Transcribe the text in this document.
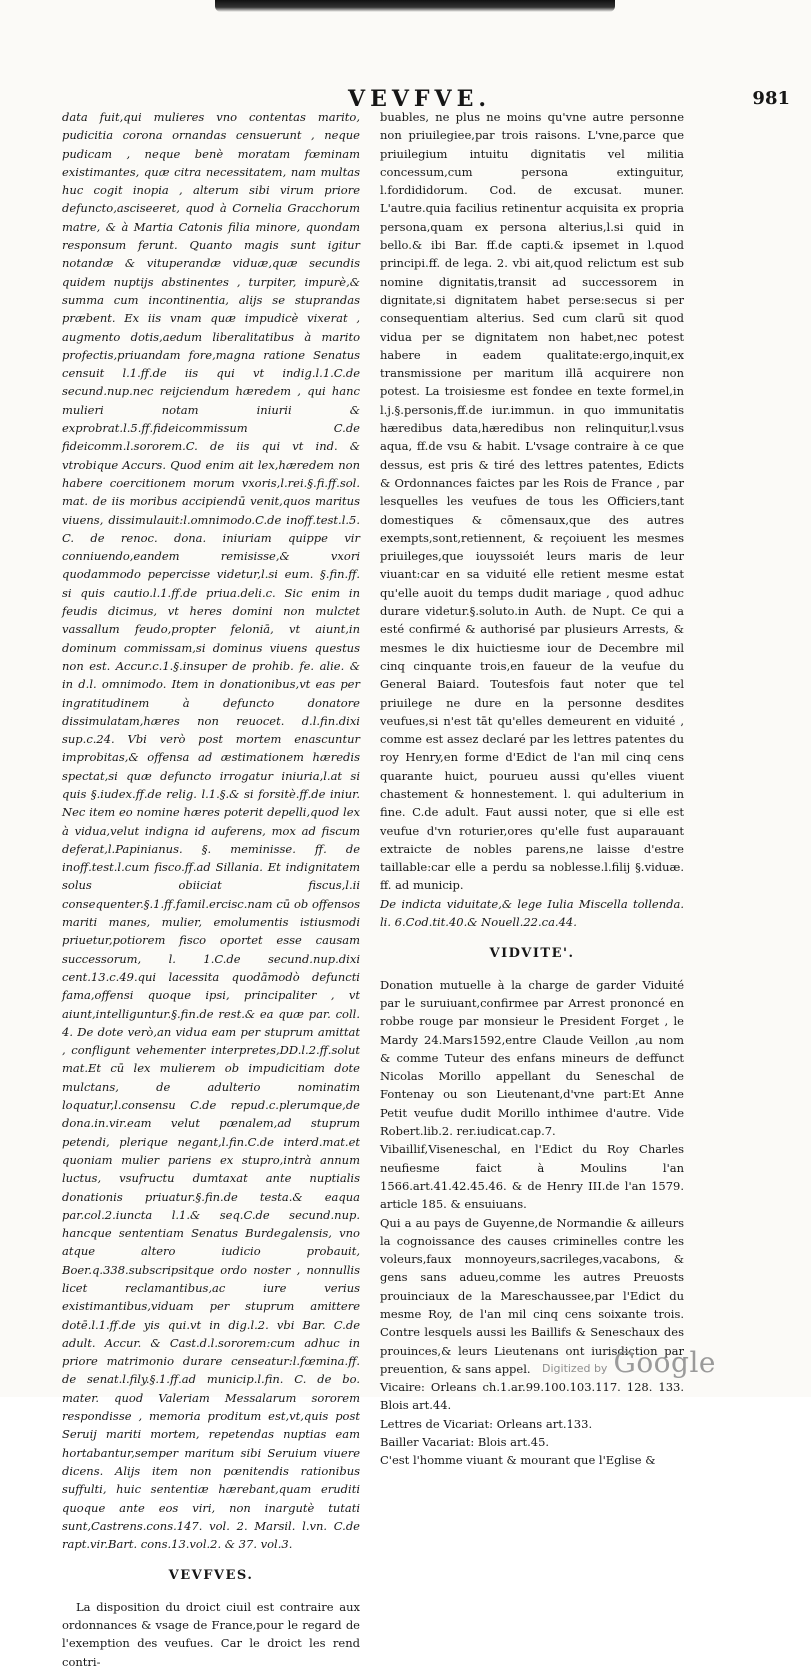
VEVFVE.	981

data fuit,qui mulieres vno contentas marito, pudicitia corona ornandas censuerunt , neque pudicam , neque benè moratam fœminam existimantes, quæ citra necessitatem, nam multas huc cogit inopia , alterum sibi virum priore defuncto,asciseeret, quod à Cornelia Gracchorum matre, & à Martia Catonis filia minore, quondam responsum ferunt. Quanto magis sunt igitur notandæ & vituperandæ viduæ,quæ secundis quidem nuptijs abstinentes , turpiter, impurè,& summa cum incontinentia, alijs se stuprandas præbent. Ex iis vnam quæ impudicè vixerat , augmento dotis,aedum liberalitatibus à marito profectis,priuandam fore,magna ratione Senatus censuit l.1.ff.de iis qui vt indig.l.1.C.de secund.nup.nec reijciendum hæredem , qui hanc mulieri notam iniurii & exprobrat.l.5.ff.fideicommissum C.de fideicomm.l.sororem.C. de iis qui vt ind. & vtrobique Accurs. Quod enim ait lex,hæredem non habere coercitionem morum vxoris,l.rei.§.fi.ff.sol. mat. de iis moribus accipiendū venit,quos maritus viuens, dissimulauit:l.omnimodo.C.de inoff.test.l.5. C. de renoc. dona. iniuriam quippe vir conniuendo,eandem remisisse,& vxori quodammodo pepercisse videtur,l.si eum. §.fin.ff. si quis cautio.l.1.ff.de priua.deli.c. Sic enim in feudis dicimus, vt heres domini non mulctet vassallum feudo,propter feloniā, vt aiunt,in dominum commissam,si dominus viuens questus non est. Accur.c.1.§.insuper de prohib. fe. alie. & in d.l. omnimodo. Item in donationibus,vt eas per ingratitudinem à defuncto donatore dissimulatam,hæres non reuocet. d.l.fin.dixi sup.c.24. Vbi verò post mortem enascuntur improbitas,& offensa ad æstimationem hæredis spectat,si quæ defuncto irrogatur iniuria,l.at si quis §.iudex.ff.de relig. l.1.§.& si forsitè.ff.de iniur. Nec item eo nomine hæres poterit depelli,quod lex à vidua,velut indigna id auferens, mox ad fiscum deferat,l.Papinianus. §. meminisse. ff. de inoff.test.l.cum fisco.ff.ad Sillania. Et indignitatem solus obiiciat fiscus,l.ii consequenter.§.1.ff.famil.ercisc.nam cū ob offensos mariti manes, mulier, emolumentis istiusmodi priuetur,potiorem fisco oportet esse causam successorum, l. 1.C.de secund.nup.dixi cent.13.c.49.qui lacessita quodāmodò defuncti fama,offensi quoque ipsi, principaliter , vt aiunt,intelliguntur.§.fin.de rest.& ea quæ par. coll. 4. De dote verò,an vidua eam per stuprum amittat , confligunt vehementer interpretes,DD.l.2.ff.solut mat.Et cū lex mulierem ob impudicitiam dote mulctans, de adulterio nominatim loquatur,l.consensu C.de repud.c.plerumque,de dona.in.vir.eam velut pœnalem,ad stuprum petendi, plerique negant,l.fin.C.de interd.mat.et quoniam mulier pariens ex stupro,intrà annum luctus, vsufructu dumtaxat ante nuptialis donationis priuatur.§.fin.de testa.& eaqua par.col.2.iuncta l.1.& seq.C.de secund.nup. hancque sententiam Senatus Burdegalensis, vno atque altero iudicio probauit, Boer.q.338.subscripsitque ordo noster , nonnullis licet reclamantibus,ac iure verius existimantibus,viduam per stuprum amittere dotē.l.1.ff.de yis qui.vt in dig.l.2. vbi Bar. C.de adult. Accur. & Cast.d.l.sororem:cum adhuc in priore matrimonio durare censeatur:l.fœmina.ff. de senat.l.fily.§.1.ff.ad municip.l.fin. C. de bo. mater. quod Valeriam Messalarum sororem respondisse , memoria proditum est,vt,quis post Seruij mariti mortem, repetendas nuptias eam hortabantur,semper maritum sibi Seruium viuere dicens. Alijs item non pœnitendis rationibus suffulti, huic sententiæ hærebant,quam eruditi quoque ante eos viri, non inargutè tutati sunt,Castrens.cons.147. vol. 2. Marsil. l.vn. C.de rapt.vir.Bart. cons.13.vol.2. & 37. vol.3.

VEVFVES.

La disposition du droict ciuil est contraire aux ordonnances & vsage de France,pour le regard de l'exemption des veufues. Car le droict les rend contri-

buables, ne plus ne moins qu'vne autre personne non priuilegiee,par trois raisons. L'vne,parce que priuilegium intuitu dignitatis vel militia concessum,cum persona extinguitur, l.fordididorum. Cod. de excusat. muner. L'autre.quia facilius retinentur acquisita ex propria persona,quam ex persona alterius,l.si quid in bello.& ibi Bar. ff.de capti.& ipsemet in l.quod principi.ff. de lega. 2. vbi ait,quod relictum est sub nomine dignitatis,transit ad successorem in dignitate,si dignitatem habet perse:secus si per consequentiam alterius. Sed cum clarū sit quod vidua per se dignitatem non habet,nec potest habere in eadem qualitate:ergo,inquit,ex transmissione per maritum illā acquirere non potest. La troisiesme est fondee en texte formel,in l.j.§.personis,ff.de iur.immun. in quo immunitatis hæredibus data,hæredibus non relinquitur,l.vsus aqua, ff.de vsu & habit. L'vsage contraire à ce que dessus, est pris & tiré des lettres patentes, Edicts & Ordonnances faictes par les Rois de France , par lesquelles les veufues de tous les Officiers,tant domestiques & cōmensaux,que des autres exempts,sont,retiennent, & reçoiuent les mesmes priuileges,que iouyssoiét leurs maris de leur viuant:car en sa viduité elle retient mesme estat qu'elle auoit du temps dudit mariage , quod adhuc durare videtur.§.soluto.in Auth. de Nupt. Ce qui a esté confirmé & authorisé par plusieurs Arrests, & mesmes le dix huictiesme iour de Decembre mil cinq cinquante trois,en faueur de la veufue du General Baiard. Toutesfois faut noter que tel priuilege ne dure en la personne desdites veufues,si n'est tāt qu'elles demeurent en viduité , comme est assez declaré par les lettres patentes du roy Henry,en forme d'Edict de l'an mil cinq cens quarante huict, pourueu aussi qu'elles viuent chastement & honnestement. l. qui adulterium in fine. C.de adult. Faut aussi noter, que si elle est veufue d'vn roturier,ores qu'elle fust auparauant extraicte de nobles parens,ne laisse d'estre taillable:car elle a perdu sa noblesse.l.filij §.viduæ. ff. ad municip.

De indicta viduitate,& lege Iulia Miscella tollenda. li. 6.Cod.tit.40.& Nouell.22.ca.44.

VIDVITE'.

Donation mutuelle à la charge de garder Viduité par le suruiuant,confirmee par Arrest prononcé en robbe rouge par monsieur le President Forget , le Mardy 24.Mars1592,entre Claude Veillon ,au nom & comme Tuteur des enfans mineurs de deffunct Nicolas Morillo appellant du Seneschal de Fontenay ou son Lieutenant,d'vne part:Et Anne Petit veufue dudit Morillo inthimee d'autre. Vide Robert.lib.2. rer.iudicat.cap.7.

Vibaillif,Viseneschal, en l'Edict du Roy Charles neufiesme faict à Moulins l'an 1566.art.41.42.45.46. & de Henry III.de l'an 1579. article 185. & ensuiuans.

Qui a au pays de Guyenne,de Normandie & ailleurs la cognoissance des causes criminelles contre les voleurs,faux monnoyeurs,sacrileges,vacabons, & gens sans adueu,comme les autres Preuosts prouinciaux de la Mareschaussee,par l'Edict du mesme Roy, de l'an mil cinq cens soixante trois. Contre lesquels aussi les Baillifs & Seneschaux des prouinces,& leurs Lieutenans ont iurisdiction par preuention, & sans appel.

Vicaire: Orleans ch.1.ar.99.100.103.117. 128. 133. Blois art.44.

Lettres de Vicariat: Orleans art.133.

Bailler Vacariat: Blois art.45.

C'est l'homme viuant & mourant que l'Eglise &

Digitized by Google
